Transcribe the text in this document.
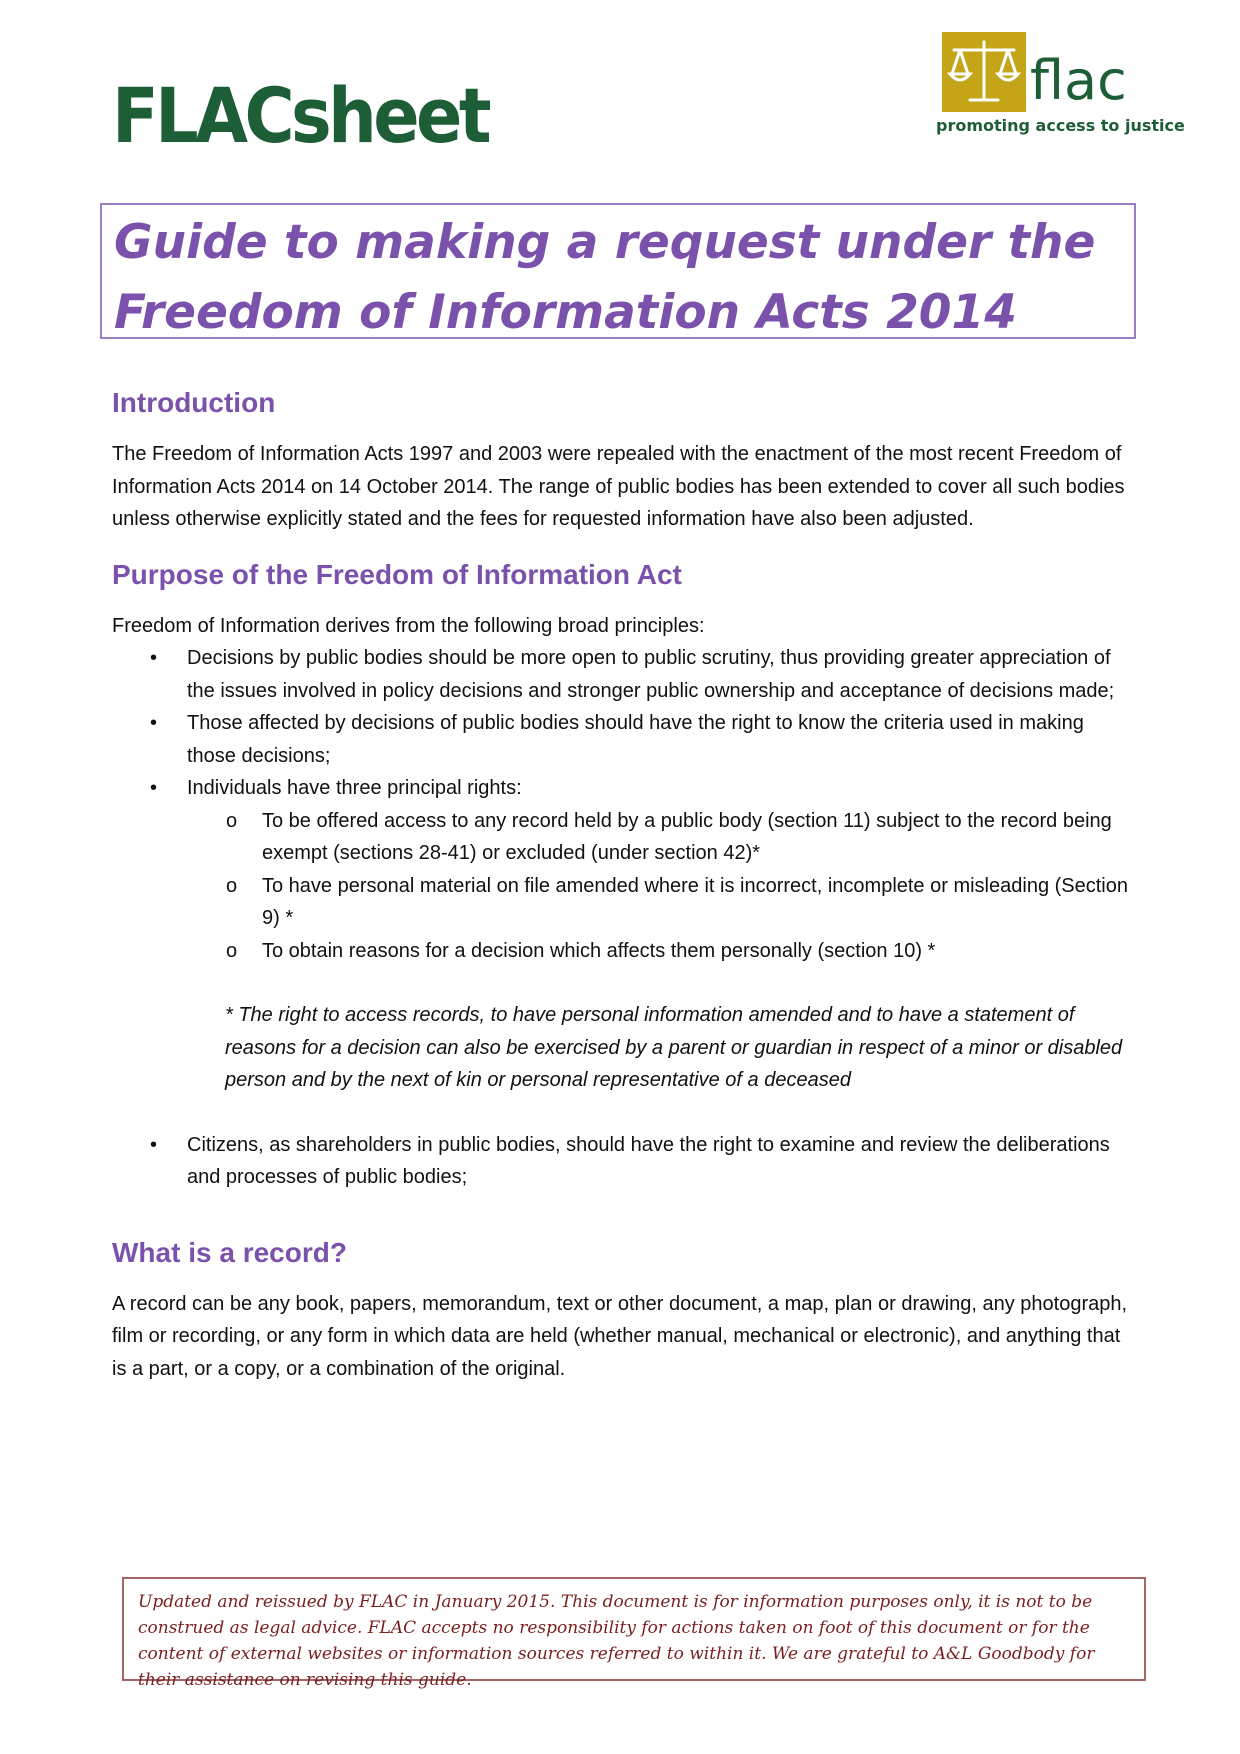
FLACsheet	flac
promoting access to justice
Guide to making a request under the
Freedom of Information Acts 2014
Introduction

The Freedom of Information Acts 1997 and 2003 were repealed with the enactment of the most recent Freedom of Information Acts 2014 on 14 October 2014. The range of public bodies has been extended to cover all such bodies unless otherwise explicitly stated and the fees for requested information have also been adjusted.

Purpose of the Freedom of Information Act

Freedom of Information derives from the following broad principles:

• Decisions by public bodies should be more open to public scrutiny, thus providing greater appreciation of the issues involved in policy decisions and stronger public ownership and acceptance of decisions made;
• Those affected by decisions of public bodies should have the right to know the criteria used in making those decisions;
• Individuals have three principal rights:
o To be offered access to any record held by a public body (section 11) subject to the record being exempt (sections 28-41) or excluded (under section 42)*
o To have personal material on file amended where it is incorrect, incomplete or misleading (Section 9) *
o To obtain reasons for a decision which affects them personally (section 10) *

* The right to access records, to have personal information amended and to have a statement of reasons for a decision can also be exercised by a parent or guardian in respect of a minor or disabled person and by the next of kin or personal representative of a deceased

• Citizens, as shareholders in public bodies, should have the right to examine and review the deliberations and processes of public bodies;
What is a record?

A record can be any book, papers, memorandum, text or other document, a map, plan or drawing, any photograph, film or recording, or any form in which data are held (whether manual, mechanical or electronic), and anything that is a part, or a copy, or a combination of the original.

Updated and reissued by FLAC in January 2015. This document is for information purposes only, it is not to be construed as legal advice. FLAC accepts no responsibility for actions taken on foot of this document or for the content of external websites or information sources referred to within it. We are grateful to A&L Goodbody for their assistance on revising this guide.
